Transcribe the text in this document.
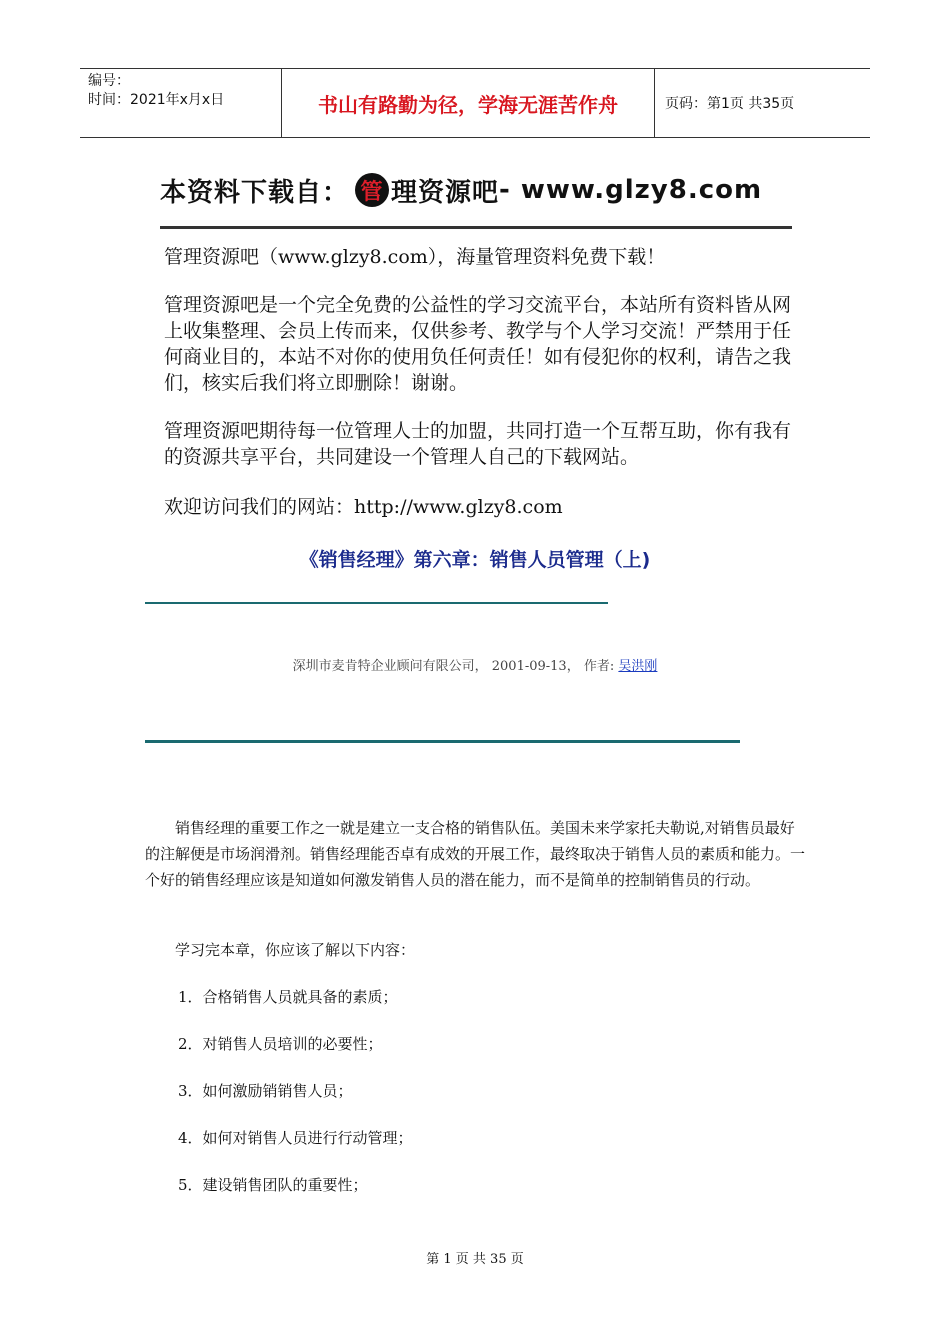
编号：
时间：2021年x月x日	书山有路勤为径，学海无涯苦作舟	页码：第1页 共35页
本资料下载自： 管 理资源吧 - www.glzy8.com
管理资源吧（www.glzy8.com），海量管理资料免费下载！
管理资源吧是一个完全免费的公益性的学习交流平台，本站所有资料皆从网上收集整理、会员上传而来，仅供参考、教学与个人学习交流！严禁用于任何商业目的，本站不对你的使用负任何责任！如有侵犯你的权利，请告之我们，核实后我们将立即删除！谢谢。
管理资源吧期待每一位管理人士的加盟，共同打造一个互帮互助，你有我有的资源共享平台，共同建设一个管理人自己的下载网站。
欢迎访问我们的网站：http://www.glzy8.com
《销售经理》第六章：销售人员管理（上)
深圳市麦肯特企业顾问有限公司， 2001-09-13， 作者: 吴洪刚
销售经理的重要工作之一就是建立一支合格的销售队伍。美国未来学家托夫勒说,对销售员最好的注解便是市场润滑剂。销售经理能否卓有成效的开展工作，最终取决于销售人员的素质和能力。一个好的销售经理应该是知道如何激发销售人员的潜在能力，而不是简单的控制销售员的行动。
学习完本章，你应该了解以下内容：
1．合格销售人员就具备的素质；
2．对销售人员培训的必要性；
3．如何激励销销售人员；
4．如何对销售人员进行行动管理；
5．建设销售团队的重要性；
第 1 页 共 35 页
